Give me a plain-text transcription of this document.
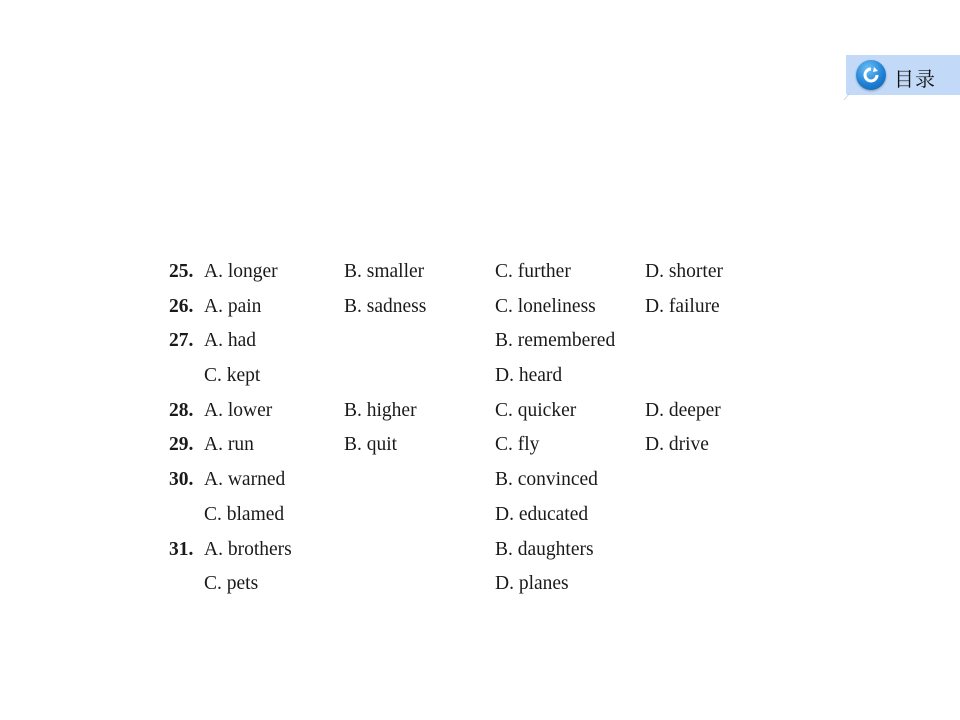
目录
25. A. longer	B. smaller	C. further	D. shorter
26. A. pain	B. sadness	C. loneliness	D. failure
27. A. had	B. remembered
C. kept	D. heard
28. A. lower	B. higher	C. quicker	D. deeper
29. A. run	B. quit	C. fly	D. drive
30. A. warned	B. convinced
C. blamed	D. educated
31. A. brothers	B. daughters
C. pets	D. planes
